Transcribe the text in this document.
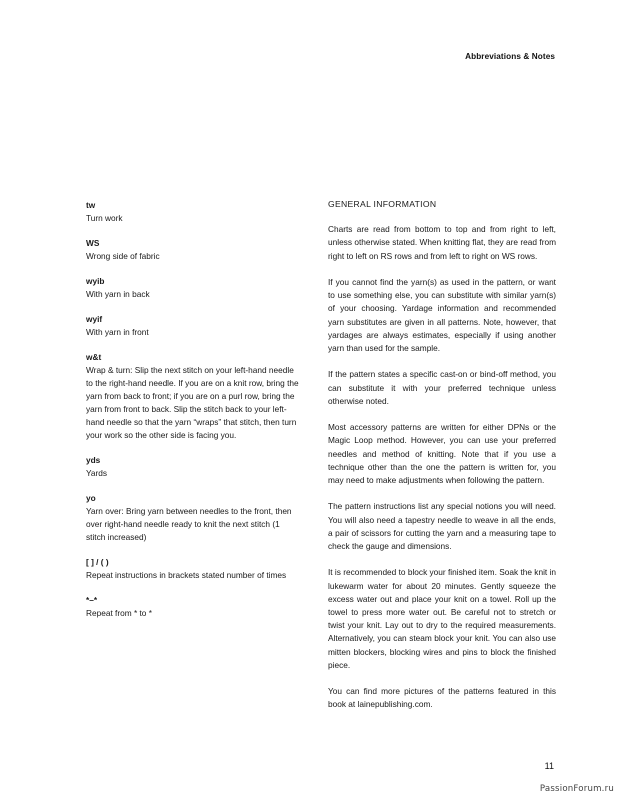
Abbreviations & Notes
tw
Turn work
WS
Wrong side of fabric
wyib
With yarn in back
wyif
With yarn in front
w&t
Wrap & turn: Slip the next stitch on your left-hand needle to the right-hand needle. If you are on a knit row, bring the yarn from back to front; if you are on a purl row, bring the yarn from front to back. Slip the stitch back to your left-hand needle so that the yarn “wraps” that stitch, then turn your work so the other side is facing you.
yds
Yards
yo
Yarn over: Bring yarn between needles to the front, then over right-hand needle ready to knit the next stitch (1 stitch increased)
[ ] / ( )
Repeat instructions in brackets stated number of times
*–*
Repeat from * to *
GENERAL INFORMATION

Charts are read from bottom to top and from right to left, unless otherwise stated. When knitting flat, they are read from right to left on RS rows and from left to right on WS rows.

If you cannot find the yarn(s) as used in the pattern, or want to use something else, you can substitute with similar yarn(s) of your choosing. Yardage information and recommended yarn substitutes are given in all patterns. Note, however, that yardages are always estimates, especially if using another yarn than used for the sample.

If the pattern states a specific cast-on or bind-off method, you can substitute it with your preferred technique unless otherwise noted.

Most accessory patterns are written for either DPNs or the Magic Loop method. However, you can use your preferred needles and method of knitting. Note that if you use a technique other than the one the pattern is written for, you may need to make adjustments when following the pattern.

The pattern instructions list any special notions you will need. You will also need a tapestry needle to weave in all the ends, a pair of scissors for cutting the yarn and a measuring tape to check the gauge and dimensions.

It is recommended to block your finished item. Soak the knit in lukewarm water for about 20 minutes. Gently squeeze the excess water out and place your knit on a towel. Roll up the towel to press more water out. Be careful not to stretch or twist your knit. Lay out to dry to the required measurements. Alternatively, you can steam block your knit. You can also use mitten blockers, blocking wires and pins to block the finished piece.

You can find more pictures of the patterns featured in this book at lainepublishing.com.

11
PassionForum.ru
